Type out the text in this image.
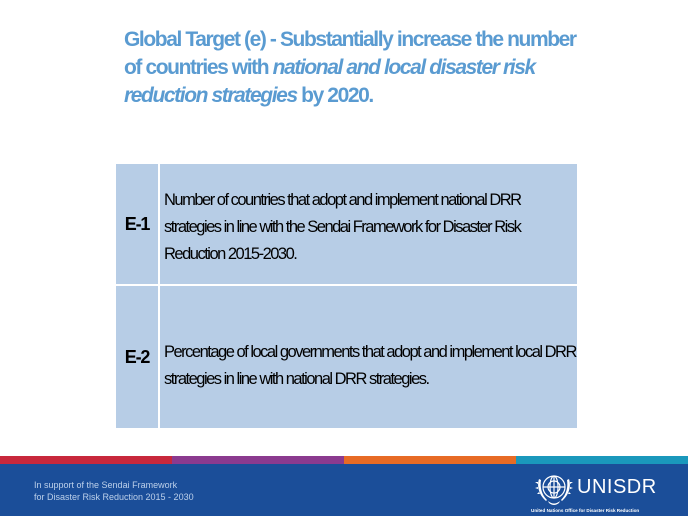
Global Target (e) - Substantially increase the number of countries with national and local disaster risk reduction strategies by 2020.
E-1
Number of countries that adopt and implement national DRR strategies in line with the Sendai Framework for Disaster Risk Reduction 2015-2030.
E-2 Percentage of local governments that adopt and implement local DRR strategies in line with national DRR strategies.
In support of the Sendai Framework
for Disaster Risk Reduction 2015 - 2030	UNISDR
United Nations Office for Disaster Risk Reduction
